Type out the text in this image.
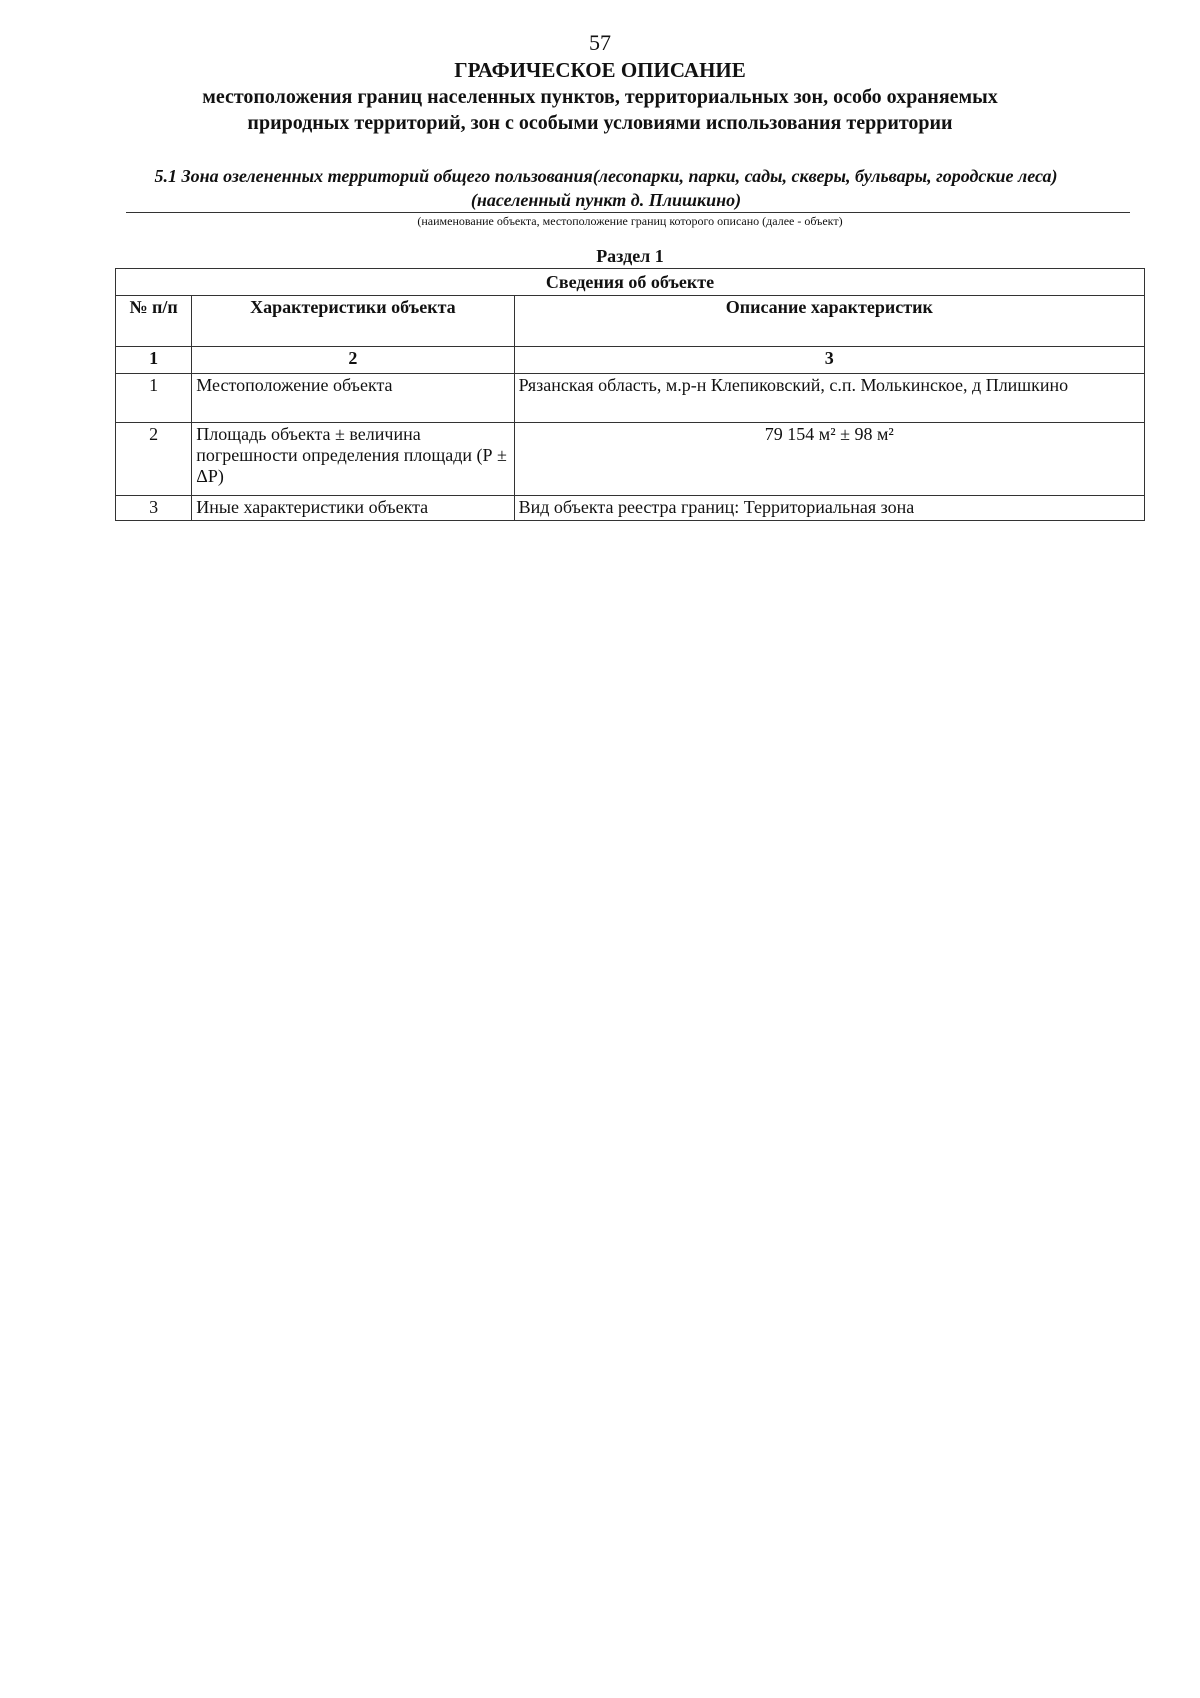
57
ГРАФИЧЕСКОЕ ОПИСАНИЕ
местоположения границ населенных пунктов, территориальных зон, особо охраняемых природных территорий, зон с особыми условиями использования территории
5.1 Зона озелененных территорий общего пользования(лесопарки, парки, сады, скверы, бульвары, городские леса)(населенный пункт д. Плишкино)
(наименование объекта, местоположение границ которого описано (далее - объект)
Раздел 1
Сведения об объекте		
№ п/п	Характеристики объекта	Описание характеристик
1	2	3
1	Местоположение объекта	Рязанская область, м.р-н Клепиковский, с.п. Молькинское, д Плишкино
2	Площадь объекта ± величина погрешности определения площади (Р ± ΔР)	79 154 м² ± 98 м²
3	Иные характеристики объекта	Вид объекта реестра границ: Территориальная зона
